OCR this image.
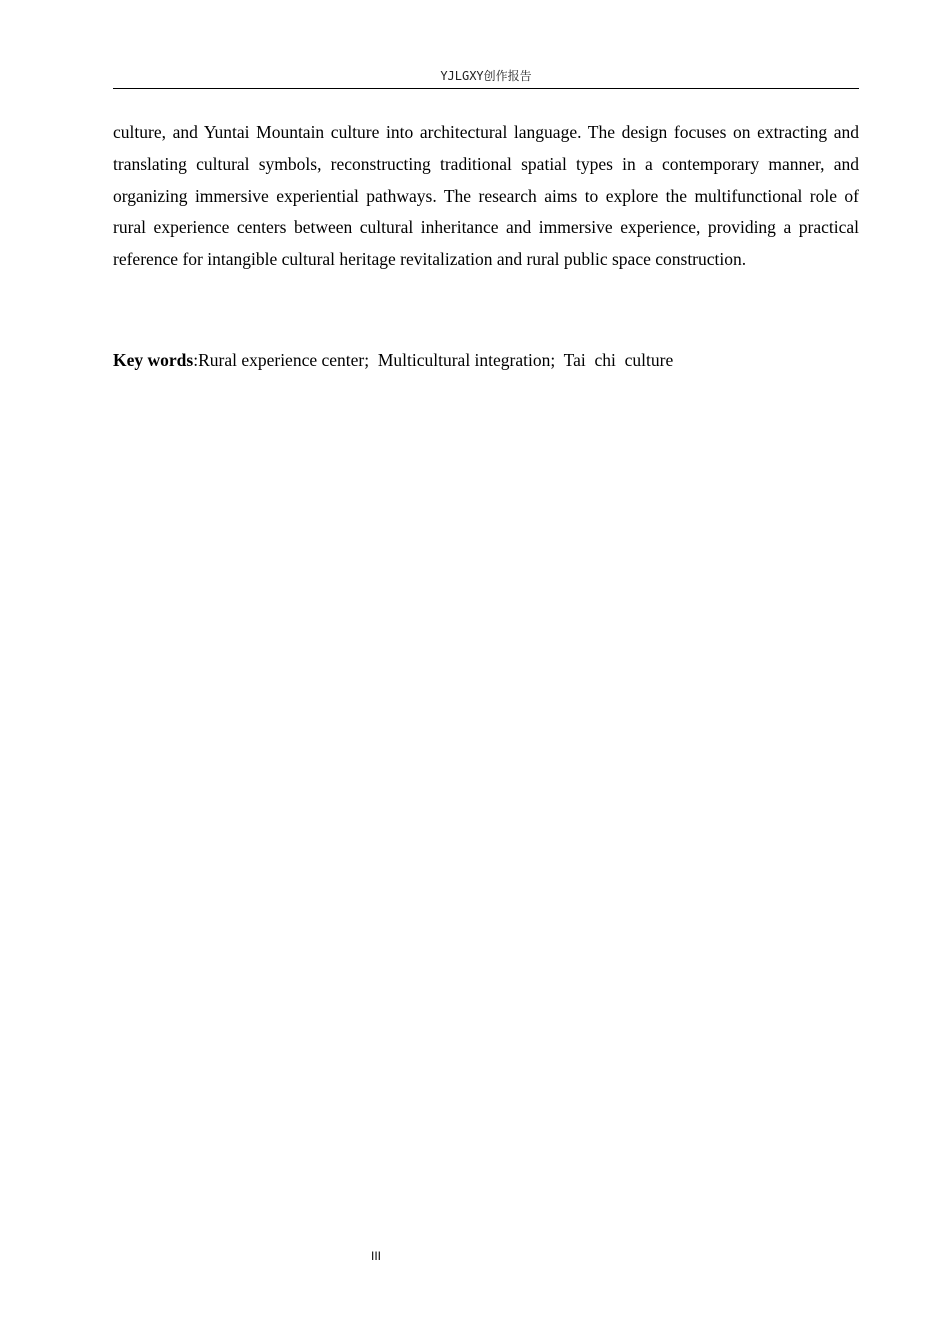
YJLGXY创作报告

culture, and Yuntai Mountain culture into architectural language. The design focuses on extracting and translating cultural symbols, reconstructing traditional spatial types in a contemporary manner, and organizing immersive experiential pathways. The research aims to explore the multifunctional role of rural experience centers between cultural inheritance and immersive experience, providing a practical reference for intangible cultural heritage revitalization and rural public space construction.

Key words:Rural experience center;  Multicultural integration;  Tai  chi  culture

III
